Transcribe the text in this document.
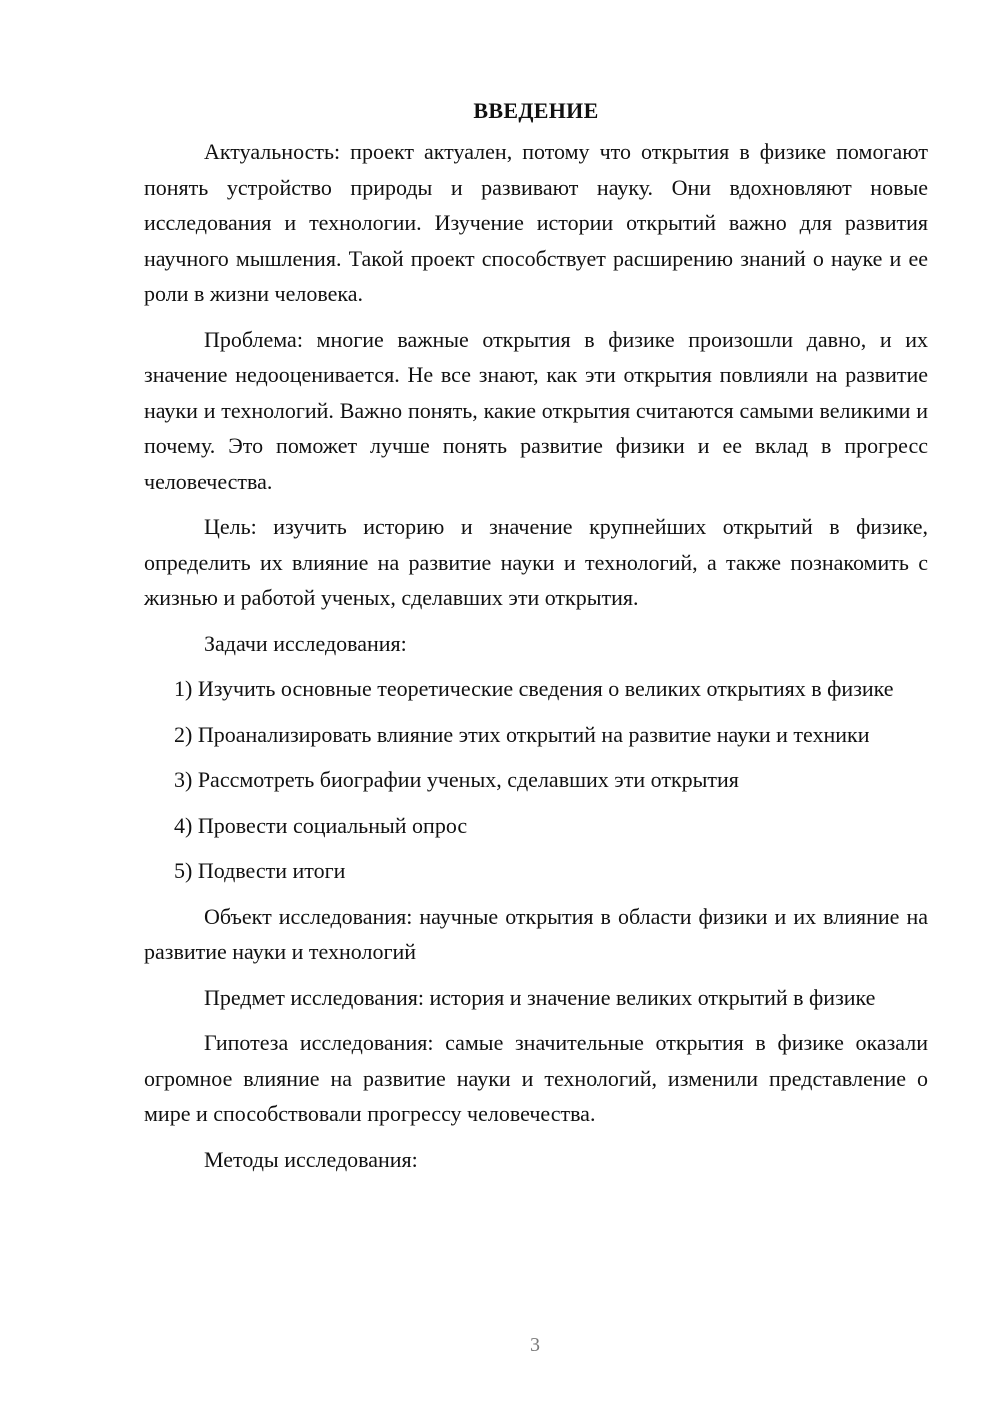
ВВЕДЕНИЕ

Актуальность: проект актуален, потому что открытия в физике помогают понять устройство природы и развивают науку. Они вдохновляют новые исследования и технологии. Изучение истории открытий важно для развития научного мышления. Такой проект способствует расширению знаний о науке и ее роли в жизни человека.

Проблема: многие важные открытия в физике произошли давно, и их значение недооценивается. Не все знают, как эти открытия повлияли на развитие науки и технологий. Важно понять, какие открытия считаются самыми великими и почему. Это поможет лучше понять развитие физики и ее вклад в прогресс человечества.

Цель: изучить историю и значение крупнейших открытий в физике, определить их влияние на развитие науки и технологий, а также познакомить с жизнью и работой ученых, сделавших эти открытия.

Задачи исследования:

1) Изучить основные теоретические сведения о великих открытиях в физике

2) Проанализировать влияние этих открытий на развитие науки и техники

3) Рассмотреть биографии ученых, сделавших эти открытия

4) Провести социальный опрос

5) Подвести итоги

Объект исследования: научные открытия в области физики и их влияние на развитие науки и технологий

Предмет исследования: история и значение великих открытий в физике

Гипотеза исследования: самые значительные открытия в физике оказали огромное влияние на развитие науки и технологий, изменили представление о мире и способствовали прогрессу человечества.

Методы исследования:

3
